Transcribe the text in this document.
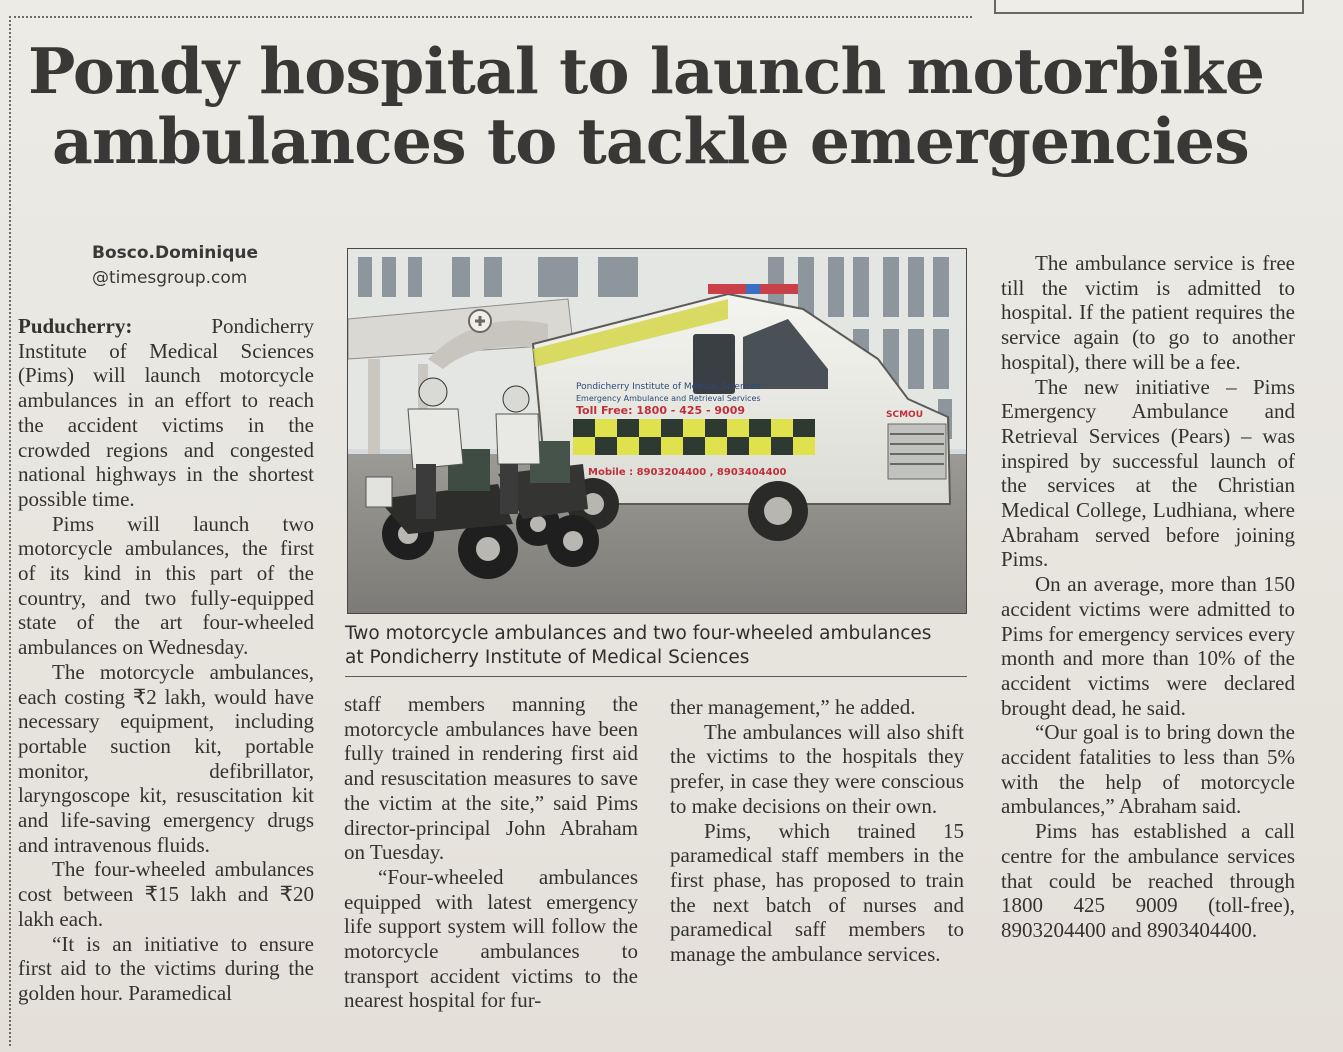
Pondy hospital to launch motorbike
ambulances to tackle emergencies
Bosco.Dominique
@timesgroup.com

Puducherry:	Pondicherry Institute of Medical Sciences (Pims) will launch motorcycle ambulances in an effort to reach the accident victims in the crowded regions and congested national highways in the shortest possible time.

Pims will launch two motorcycle ambulances, the first of its kind in this part of the country, and two fully-equipped state of the art four-wheeled ambulances on Wednesday.

The motorcycle ambulances, each costing ₹2 lakh, would have necessary equipment, including portable suction kit, portable monitor, defibrillator, laryngoscope kit, resuscitation kit and life-saving emergency drugs and intravenous fluids.

The four-wheeled ambulances cost between ₹15 lakh and ₹20 lakh each.

“It is an initiative to ensure first aid to the victims during the golden hour. Paramedical

Pondicherry Institute of Medical Sciences
Emergency Ambulance and Retrieval Services
Toll Free: 1800 - 425 - 9009
Mobile : 8903204400 , 8903404400
SCMOU
Two motorcycle ambulances and two four-wheeled ambulances
at Pondicherry Institute of Medical Sciences

staff members manning the motorcycle ambulances have been fully trained in rendering first aid and resuscitation measures to save the victim at the site,” said Pims director-principal John Abraham on Tuesday.

“Four-wheeled ambulances equipped with latest emergency life support system will follow the motorcycle ambulances to transport accident victims to the nearest hospital for fur-

ther management,” he added.

The ambulances will also shift the victims to the hospitals they prefer, in case they were conscious to make decisions on their own.

Pims, which trained 15 paramedical staff members in the first phase, has proposed to train the next batch of nurses and paramedical saff members to manage the ambulance services.

The ambulance service is free till the victim is admitted to hospital. If the patient requires the service again (to go to another hospital), there will be a fee.

The new initiative – Pims Emergency Ambulance and Retrieval Services (Pears) – was inspired by successful launch of the services at the Christian Medical College, Ludhiana, where Abraham served before joining Pims.

On an average, more than 150 accident victims were admitted to Pims for emergency services every month and more than 10% of the accident victims were declared brought dead, he said.

“Our goal is to bring down the accident fatalities to less than 5% with the help of motorcycle ambulances,” Abraham said.

Pims has established a call centre for the ambulance services that could be reached through 1800 425 9009 (toll-free), 8903204400 and 8903404400.
